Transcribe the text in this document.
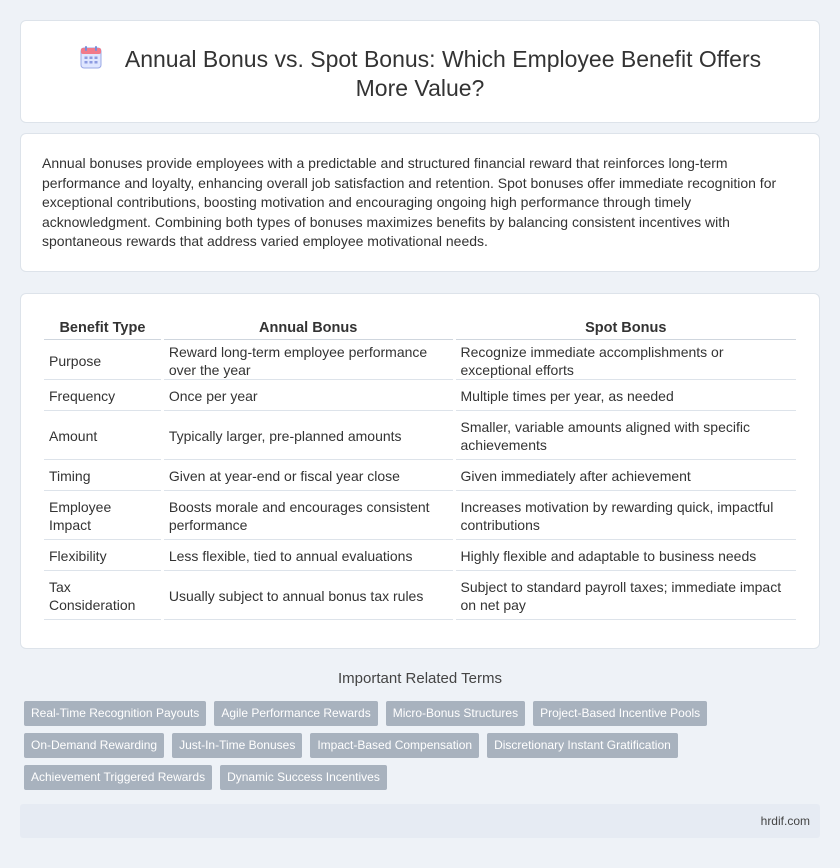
Annual Bonus vs. Spot Bonus: Which Employee Benefit Offers More Value?

Annual bonuses provide employees with a predictable and structured financial reward that reinforces long-term performance and loyalty, enhancing overall job satisfaction and retention. Spot bonuses offer immediate recognition for exceptional contributions, boosting motivation and encouraging ongoing high performance through timely acknowledgment. Combining both types of bonuses maximizes benefits by balancing consistent incentives with spontaneous rewards that address varied employee motivational needs.

Benefit Type	Annual Bonus	Spot Bonus
Purpose	Reward long-term employee performance over the year	Recognize immediate accomplishments or exceptional efforts
Frequency	Once per year	Multiple times per year, as needed
Amount	Typically larger, pre-planned amounts	Smaller, variable amounts aligned with specific achievements
Timing	Given at year-end or fiscal year close	Given immediately after achievement
Employee Impact	Boosts morale and encourages consistent performance	Increases motivation by rewarding quick, impactful contributions
Flexibility	Less flexible, tied to annual evaluations	Highly flexible and adaptable to business needs
Tax Consideration	Usually subject to annual bonus tax rules	Subject to standard payroll taxes; immediate impact on net pay
Important Related Terms
Real-Time Recognition Payouts	Agile Performance Rewards	Micro-Bonus Structures	Project-Based Incentive Pools
On-Demand Rewarding	Just-In-Time Bonuses	Impact-Based Compensation	Discretionary Instant Gratification
Achievement Triggered Rewards	Dynamic Success Incentives
hrdif.com
